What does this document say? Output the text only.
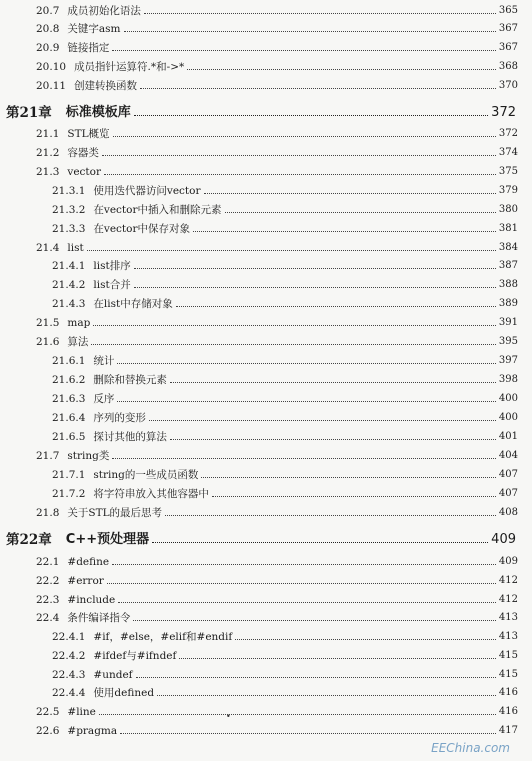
20.7 成员初始化语法	365
20.8 关键字asm	367
20.9 链接指定	367
20.10 成员指针运算符.*和->*	368
20.11 创建转换函数	370
第21章 标准模板库	372
21.1 STL概览	372
21.2 容器类	374
21.3 vector	375
21.3.1 使用迭代器访问vector	379
21.3.2 在vector中插入和删除元素	380
21.3.3 在vector中保存对象	381
21.4 list	384
21.4.1 list排序	387
21.4.2 list合并	388
21.4.3 在list中存储对象	389
21.5 map	391
21.6 算法	395
21.6.1 统计	397
21.6.2 删除和替换元素	398
21.6.3 反序	400
21.6.4 序列的变形	400
21.6.5 探讨其他的算法	401
21.7 string类	404
21.7.1 string的一些成员函数	407
21.7.2 将字符串放入其他容器中	407
21.8 关于STL的最后思考	408
第22章 C++预处理器	409
22.1 #define	409
22.2 #error	412
22.3 #include	412
22.4 条件编译指令	413
22.4.1 #if，#else，#elif和#endif	413
22.4.2 #ifdef与#ifndef	415
22.4.3 #undef	415
22.4.4 使用defined	416
22.5 #line	416
22.6 #pragma	417
•
EEChina.com
